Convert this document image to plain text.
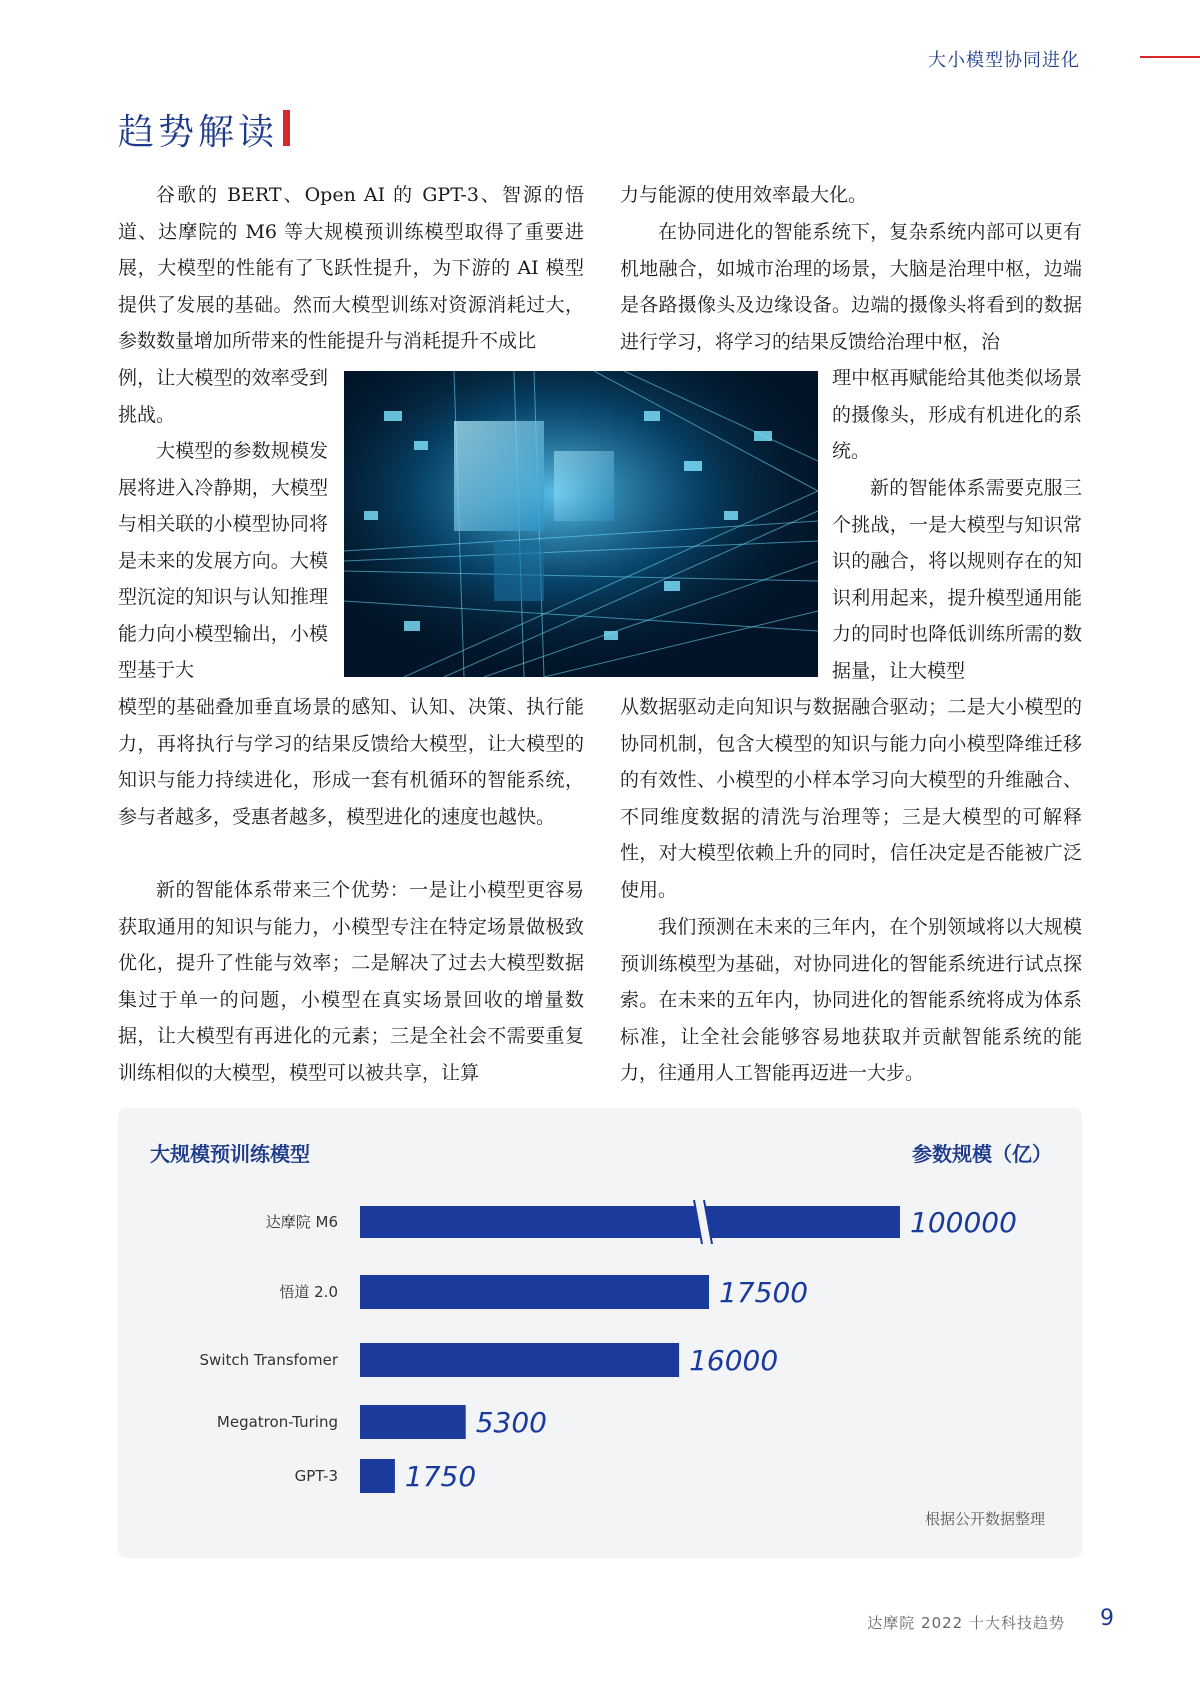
大小模型协同进化
趋势解读

谷歌的 BERT、Open AI 的 GPT-3、智源的悟道、达摩院的 M6 等大规模预训练模型取得了重要进展，大模型的性能有了飞跃性提升，为下游的 AI 模型提供了发展的基础。然而大模型训练对资源消耗过大，参数数量增加所带来的性能提升与消耗提升不成比

例，让大模型的效率受到挑战。

大模型的参数规模发展将进入冷静期，大模型与相关联的小模型协同将是未来的发展方向。大模型沉淀的知识与认知推理能力向小模型输出，小模型基于大

模型的基础叠加垂直场景的感知、认知、决策、执行能力，再将执行与学习的结果反馈给大模型，让大模型的知识与能力持续进化，形成一套有机循环的智能系统，参与者越多，受惠者越多，模型进化的速度也越快。

新的智能体系带来三个优势：一是让小模型更容易获取通用的知识与能力，小模型专注在特定场景做极致优化，提升了性能与效率；二是解决了过去大模型数据集过于单一的问题，小模型在真实场景回收的增量数据，让大模型有再进化的元素；三是全社会不需要重复训练相似的大模型，模型可以被共享，让算

力与能源的使用效率最大化。

在协同进化的智能系统下，复杂系统内部可以更有机地融合，如城市治理的场景，大脑是治理中枢，边端是各路摄像头及边缘设备。边端的摄像头将看到的数据进行学习，将学习的结果反馈给治理中枢，治

理中枢再赋能给其他类似场景的摄像头，形成有机进化的系统。

新的智能体系需要克服三个挑战，一是大模型与知识常识的融合，将以规则存在的知识利用起来，提升模型通用能力的同时也降低训练所需的数据量，让大模型

从数据驱动走向知识与数据融合驱动；二是大小模型的协同机制，包含大模型的知识与能力向小模型降维迁移的有效性、小模型的小样本学习向大模型的升维融合、不同维度数据的清洗与治理等；三是大模型的可解释性，对大模型依赖上升的同时，信任决定是否能被广泛使用。

我们预测在未来的三年内，在个别领域将以大规模预训练模型为基础，对协同进化的智能系统进行试点探索。在未来的五年内，协同进化的智能系统将成为体系标准，让全社会能够容易地获取并贡献智能系统的能力，往通用人工智能再迈进一大步。

大规模预训练模型	参数规模（亿）
达摩院 M6	100000
悟道 2.0	17500
Switch Transfomer	16000
Megatron-Turing	5300
GPT-3 1750
根据公开数据整理
达摩院 2022 十大科技趋势 9
